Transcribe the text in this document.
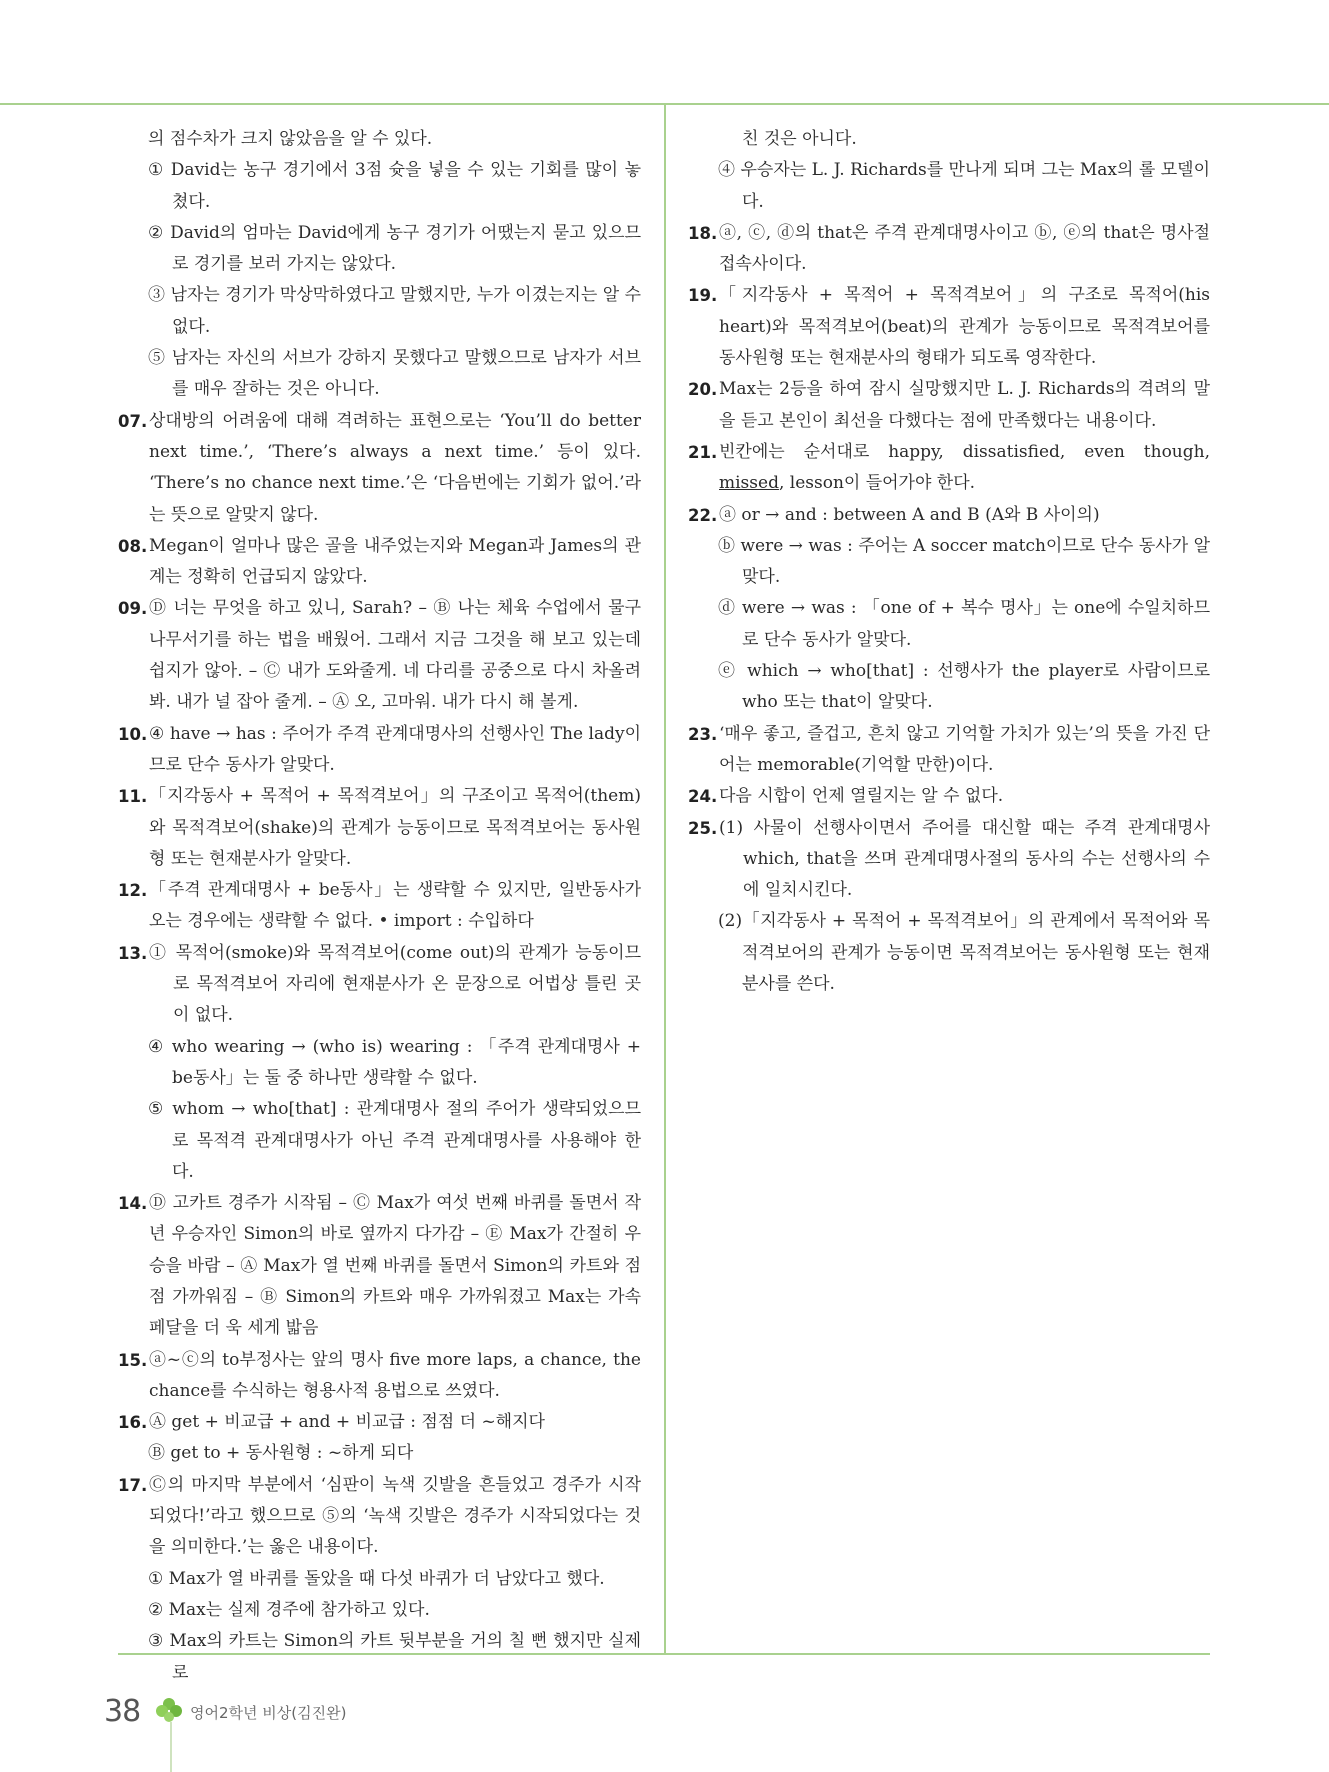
의 점수차가 크지 않았음을 알 수 있다.
① David는 농구 경기에서 3점 슛을 넣을 수 있는 기회를 많이 놓쳤다.
② David의 엄마는 David에게 농구 경기가 어땠는지 묻고 있으므로 경기를 보러 가지는 않았다.
③ 남자는 경기가 막상막하였다고 말했지만, 누가 이겼는지는 알 수 없다.
⑤ 남자는 자신의 서브가 강하지 못했다고 말했으므로 남자가 서브를 매우 잘하는 것은 아니다.
07. 상대방의 어려움에 대해 격려하는 표현으로는 ‘You’ll do better next time.’, ‘There’s always a next time.’ 등이 있다. ‘There’s no chance next time.’은 ‘다음번에는 기회가 없어.’라는 뜻으로 알맞지 않다.
08. Megan이 얼마나 많은 골을 내주었는지와 Megan과 James의 관계는 정확히 언급되지 않았다.
09. Ⓓ 너는 무엇을 하고 있니, Sarah? – Ⓑ 나는 체육 수업에서 물구나무서기를 하는 법을 배웠어. 그래서 지금 그것을 해 보고 있는데 쉽지가 않아. – Ⓒ 내가 도와줄게. 네 다리를 공중으로 다시 차올려봐. 내가 널 잡아 줄게. – Ⓐ 오, 고마워. 내가 다시 해 볼게.
10. ④ have → has : 주어가 주격 관계대명사의 선행사인 The lady이므로 단수 동사가 알맞다.
11. 「지각동사 + 목적어 + 목적격보어」의 구조이고 목적어(them)와 목적격보어(shake)의 관계가 능동이므로 목적격보어는 동사원형 또는 현재분사가 알맞다.
12. 「주격 관계대명사 + be동사」는 생략할 수 있지만, 일반동사가 오는 경우에는 생략할 수 없다. • import : 수입하다
13. ① 목적어(smoke)와 목적격보어(come out)의 관계가 능동이므로 목적격보어 자리에 현재분사가 온 문장으로 어법상 틀린 곳이 없다.
④ who wearing → (who is) wearing : 「주격 관계대명사 + be동사」는 둘 중 하나만 생략할 수 없다.
⑤ whom → who[that] : 관계대명사 절의 주어가 생략되었으므로 목적격 관계대명사가 아닌 주격 관계대명사를 사용해야 한다.
14. Ⓓ 고카트 경주가 시작됨 – Ⓒ Max가 여섯 번째 바퀴를 돌면서 작년 우승자인 Simon의 바로 옆까지 다가감 – Ⓔ Max가 간절히 우승을 바람 – Ⓐ Max가 열 번째 바퀴를 돌면서 Simon의 카트와 점점 가까워짐 – Ⓑ Simon의 카트와 매우 가까워졌고 Max는 가속 페달을 더 욱 세게 밟음
15. ⓐ~ⓒ의 to부정사는 앞의 명사 five more laps, a chance, the chance를 수식하는 형용사적 용법으로 쓰였다.
16. Ⓐ get + 비교급 + and + 비교급 : 점점 더 ~해지다
Ⓑ get to + 동사원형 : ~하게 되다
17. Ⓒ의 마지막 부분에서 ‘심판이 녹색 깃발을 흔들었고 경주가 시작되었다!’라고 했으므로 ⑤의 ‘녹색 깃발은 경주가 시작되었다는 것을 의미한다.’는 옳은 내용이다.
① Max가 열 바퀴를 돌았을 때 다섯 바퀴가 더 남았다고 했다.
② Max는 실제 경주에 참가하고 있다.
③ Max의 카트는 Simon의 카트 뒷부분을 거의 칠 뻔 했지만 실제로
친 것은 아니다.
④ 우승자는 L. J. Richards를 만나게 되며 그는 Max의 롤 모델이다.
18. ⓐ, ⓒ, ⓓ의 that은 주격 관계대명사이고 ⓑ, ⓔ의 that은 명사절 접속사이다.
19. 「지각동사 + 목적어 + 목적격보어」의 구조로 목적어(his heart)와 목적격보어(beat)의 관계가 능동이므로 목적격보어를 동사원형 또는 현재분사의 형태가 되도록 영작한다.
20. Max는 2등을 하여 잠시 실망했지만 L. J. Richards의 격려의 말을 듣고 본인이 최선을 다했다는 점에 만족했다는 내용이다.
21. 빈칸에는 순서대로 happy, dissatisfied, even though, missed, lesson이 들어가야 한다.
22. ⓐ or → and : between A and B (A와 B 사이의)
ⓑ were → was : 주어는 A soccer match이므로 단수 동사가 알맞다.
ⓓ were → was : 「one of + 복수 명사」는 one에 수일치하므로 단수 동사가 알맞다.
ⓔ which → who[that] : 선행사가 the player로 사람이므로 who 또는 that이 알맞다.
23. ‘매우 좋고, 즐겁고, 흔치 않고 기억할 가치가 있는’의 뜻을 가진 단어는 memorable(기억할 만한)이다.
24. 다음 시합이 언제 열릴지는 알 수 없다.
25. (1) 사물이 선행사이면서 주어를 대신할 때는 주격 관계대명사 which, that을 쓰며 관계대명사절의 동사의 수는 선행사의 수에 일치시킨다.
(2)「지각동사 + 목적어 + 목적격보어」의 관계에서 목적어와 목적격보어의 관계가 능동이면 목적격보어는 동사원형 또는 현재분사를 쓴다.
38	영어2학년 비상(김진완)
